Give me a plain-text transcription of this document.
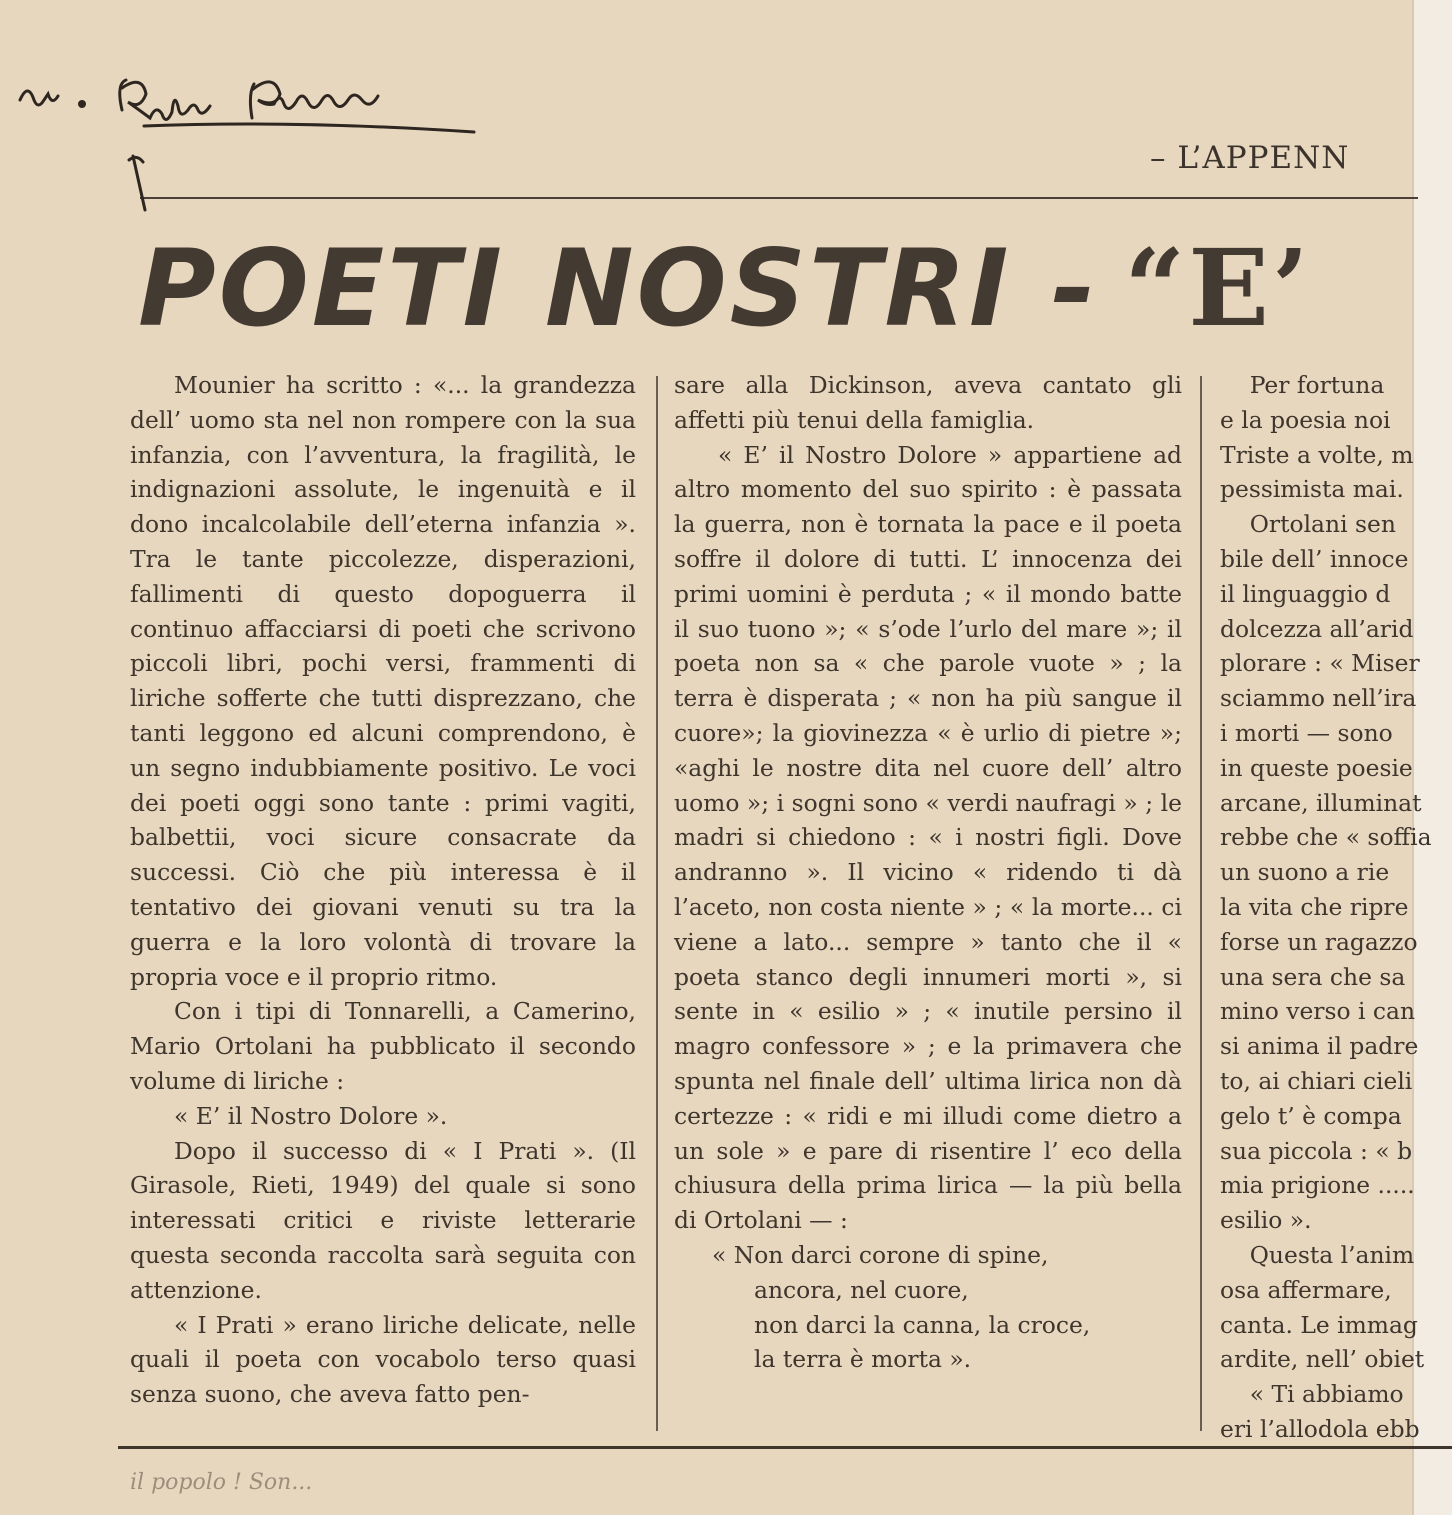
– L’APPENN
POETI NOSTRI - “E’

Mounier ha scritto : «... la grandezza dell’ uomo sta nel non rompere con la sua infanzia, con l’avventura, la fragilità, le indignazioni assolute, le ingenuità e il dono incalcolabile dell’eterna infanzia ». Tra le tante piccolezze, disperazioni, fallimenti di questo dopoguerra il continuo affacciarsi di poeti che scrivono piccoli libri, pochi versi, frammenti di liriche sofferte che tutti disprezzano, che tanti leggono ed alcuni comprendono, è un segno indubbiamente positivo. Le voci dei poeti oggi sono tante : primi vagiti, balbettii, voci sicure consacrate da successi. Ciò che più interessa è il tentativo dei giovani venuti su tra la guerra e la loro volontà di trovare la propria voce e il proprio ritmo.

Con i tipi di Tonnarelli, a Camerino, Mario Ortolani ha pubblicato il secondo volume di liriche :

« E’ il Nostro Dolore ».

Dopo il successo di « I Prati ». (Il Girasole, Rieti, 1949) del quale si sono interessati critici e riviste letterarie questa seconda raccolta sarà seguita con attenzione.

« I Prati » erano liriche delicate, nelle quali il poeta con vocabolo terso quasi senza suono, che aveva fatto pen-

sare alla Dickinson, aveva cantato gli affetti più tenui della famiglia.

« E’ il Nostro Dolore » appartiene ad altro momento del suo spirito : è passata la guerra, non è tornata la pace e il poeta soffre il dolore di tutti. L’ innocenza dei primi uomini è perduta ; « il mondo batte il suo tuono »; « s’ode l’urlo del mare »; il poeta non sa « che parole vuote » ; la terra è disperata ; « non ha più sangue il cuore»; la giovinezza « è urlio di pietre »; «aghi le nostre dita nel cuore dell’ altro uomo »; i sogni sono « verdi naufragi » ; le madri si chiedono : « i nostri figli. Dove andranno ». Il vicino « ridendo ti dà l’aceto, non costa niente » ; « la morte... ci viene a lato... sempre » tanto che il « poeta stanco degli innumeri morti », si sente in « esilio » ; « inutile persino il magro confessore » ; e la primavera che spunta nel finale dell’ ultima lirica non dà certezze : « ridi e mi illudi come dietro a un sole » e pare di risentire l’ eco della chiusura della prima lirica — la più bella di Ortolani — :

« Non darci corone di spine,

ancora, nel cuore,

non darci la canna, la croce,

la terra è morta ».

Per fortuna
e la poesia noi
Triste a volte, m
pessimista mai.
Ortolani sen
bile dell’ innoce
il linguaggio d
dolcezza all’arid
plorare : « Miser
sciammo nell’ira
i morti — sono
in queste poesie
arcane, illuminat
rebbe che « soffia
un suono a rie
la vita che ripre
forse un ragazzo
una sera che sa
mino verso i can
si anima il padre
to, ai chiari cieli
gelo t’ è compa
sua piccola : « b
mia prigione .....
esilio ».
Questa l’anim
osa affermare,
canta. Le immag
ardite, nell’ obiet
« Ti abbiamo
eri l’allodola ebb
il popolo ! Son...
